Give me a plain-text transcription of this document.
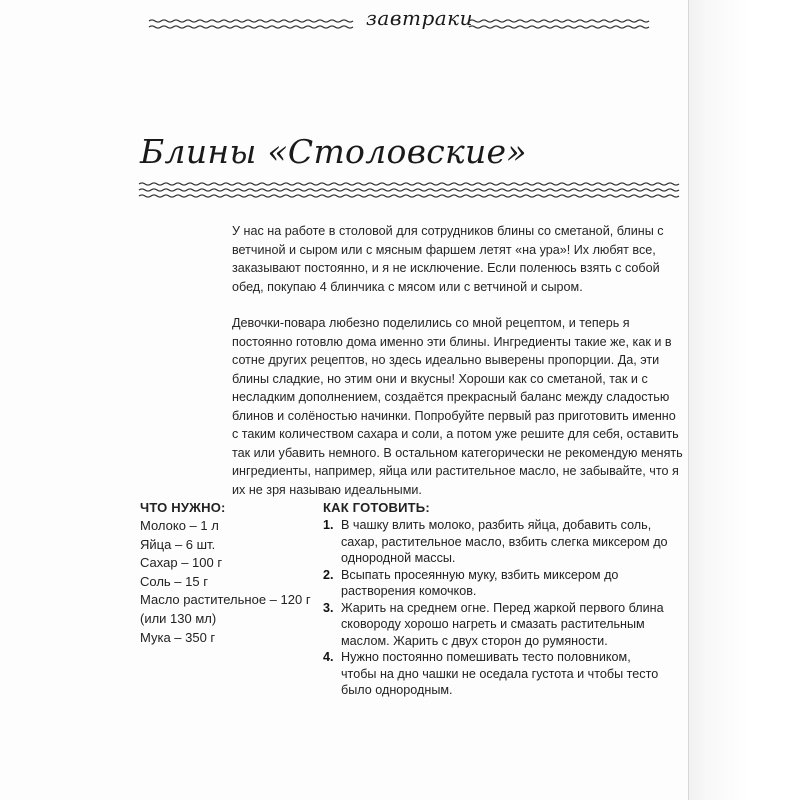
завтраки
Блины «Столовские»

У нас на работе в столовой для сотрудников блины со сметаной, блины с ветчиной и сыром или с мясным фаршем летят «на ура»! Их любят все, заказывают постоянно, и я не исключение. Если поленюсь взять с собой обед, покупаю 4 блинчика с мясом или с ветчиной и сыром.

Девочки-повара любезно поделились со мной рецептом, и теперь я постоянно готовлю дома именно эти блины. Ингредиенты такие же, как и в сотне других рецептов, но здесь идеально выверены пропорции. Да, эти блины сладкие, но этим они и вкусны! Хороши как со сметаной, так и с несладким дополнением, создаётся прекрасный баланс между сладостью блинов и солёностью начинки. Попробуйте первый раз приготовить именно с таким количеством сахара и соли, а потом уже решите для себя, оставить так или убавить немного. В остальном категорически не рекомендую менять ингредиенты, например, яйца или растительное масло, не забывайте, что я их не зря называю идеальными.

ЧТО НУЖНО:
Молоко – 1 л
Яйца – 6 шт.
Сахар – 100 г
Соль – 15 г
Масло растительное – 120 г
(или 130 мл)
Мука – 350 г
КАК ГОТОВИТЬ:
1. В чашку влить молоко, разбить яйца, добавить соль, сахар, растительное масло, взбить слегка миксером до однородной массы.
2. Всыпать просеянную муку, взбить миксером до растворения комочков.
3. Жарить на среднем огне. Перед жаркой первого блина сковороду хорошо нагреть и смазать растительным маслом. Жарить с двух сторон до румяности.
4. Нужно постоянно помешивать тесто половником, чтобы на дно чашки не оседала густота и чтобы тесто было однородным.
